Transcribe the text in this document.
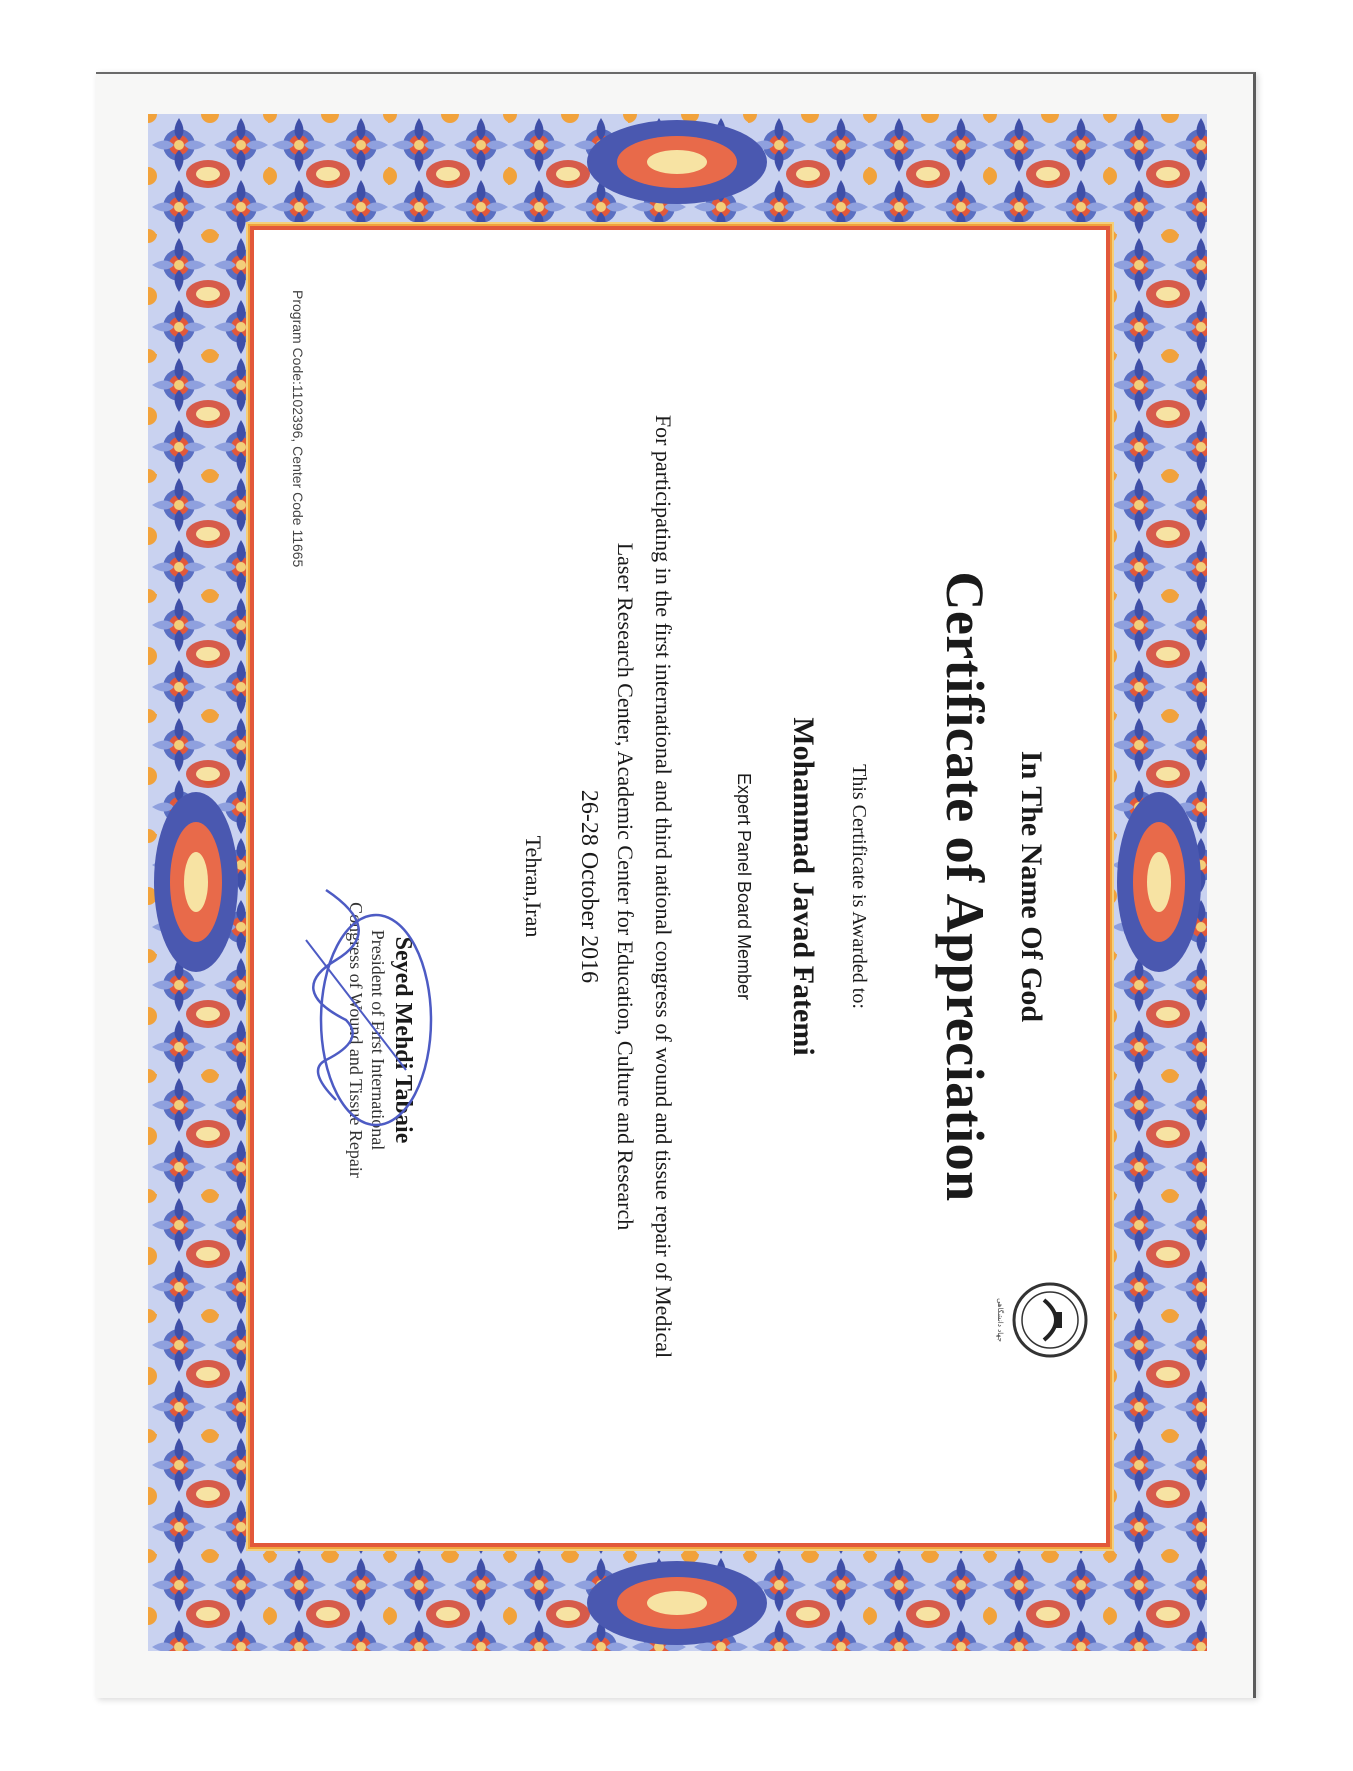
In The Name Of God
Certificate of Appreciation
This Certificate is Awarded to:
Mohammad Javad Fatemi
Expert Panel Board Member
For participating in the first international and third national congress of wound and tissue repair of Medical
Laser Research Center, Academic Center for Education, Culture and Research
26-28 October 2016
Tehran,Iran
Seyed Mehdi Tabaie
President of First International
Congress of Wound and Tissue Repair
Program Code:1102396, Center Code 11665
جهاد دانشگاهی
